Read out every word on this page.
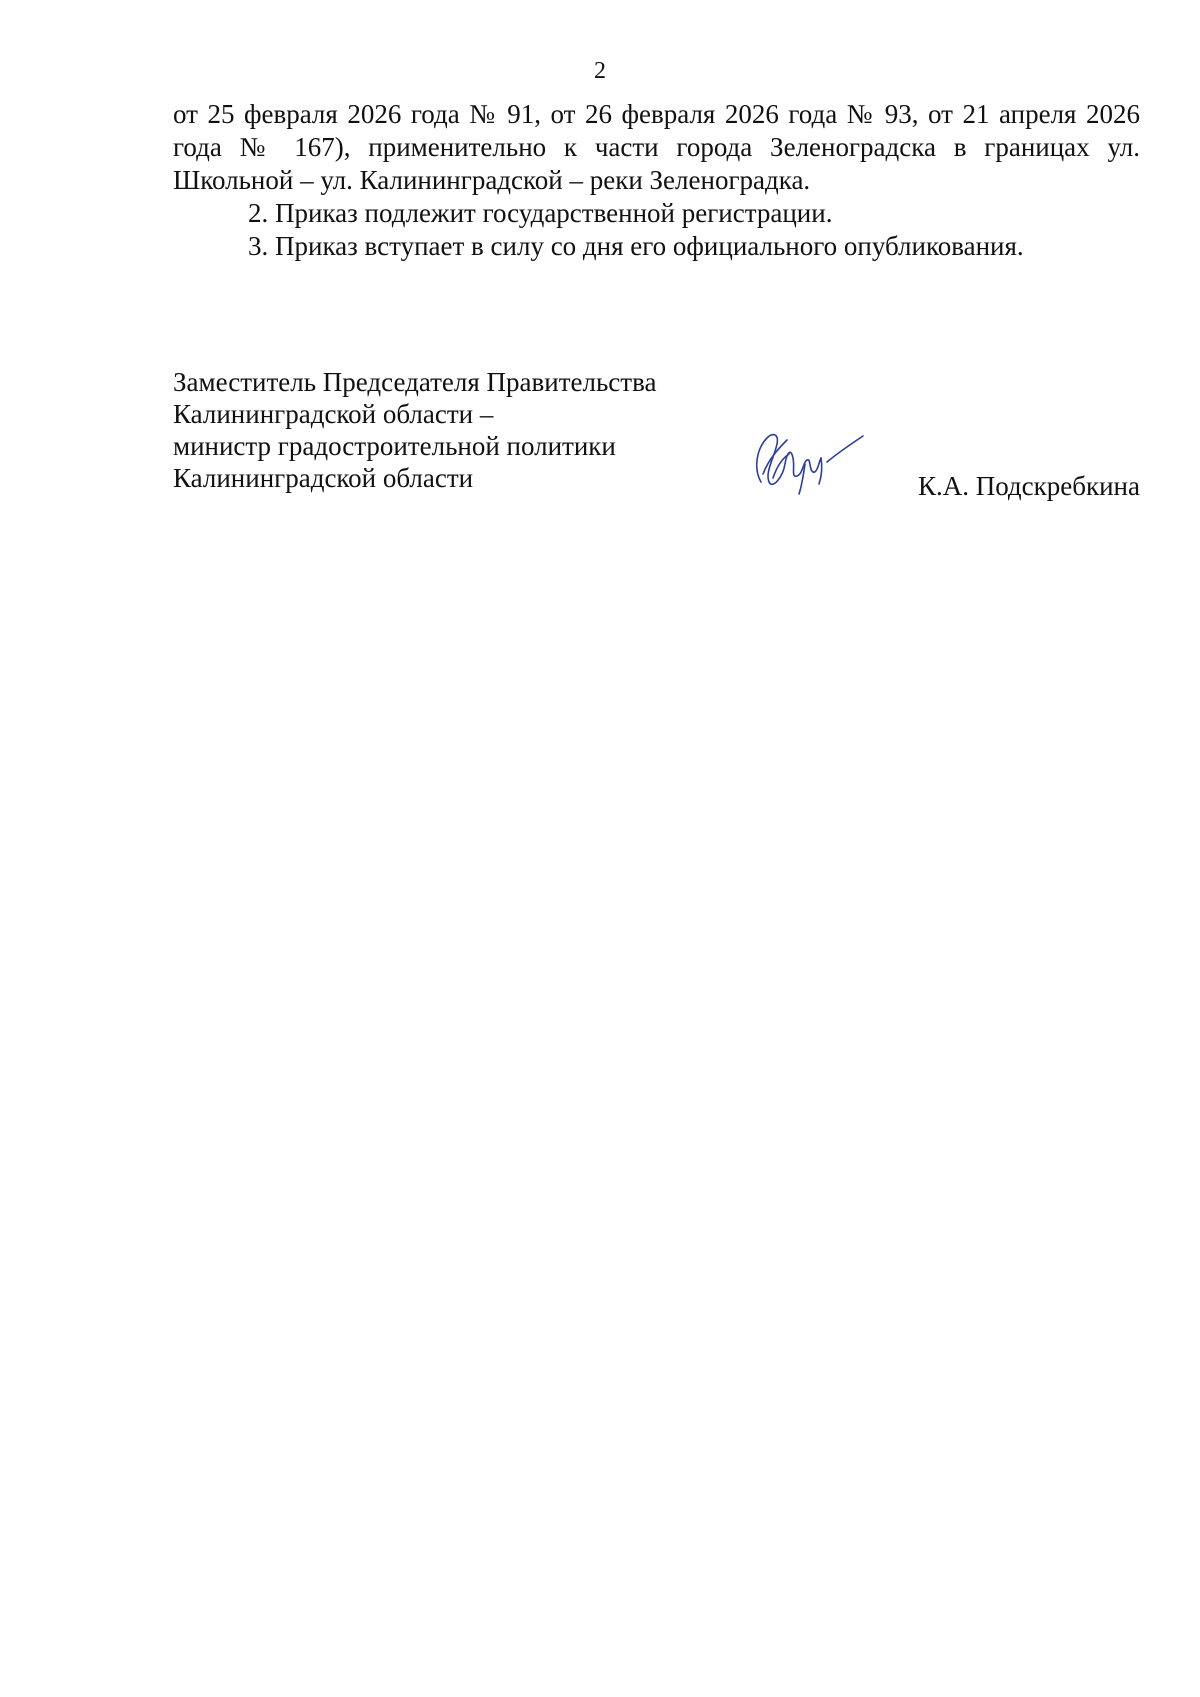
2

от 25 февраля 2026 года № 91, от 26 февраля 2026 года № 93, от 21 апреля 2026 года № 167), применительно к части города Зеленоградска в границах ул. Школьной – ул. Калининградской – реки Зеленоградка.

2. Приказ подлежит государственной регистрации.

3. Приказ вступает в силу со дня его официального опубликования.

Заместитель Председателя Правительства
Калининградской области –
министр градостроительной политики
Калининградской области	К.А. Подскребкина
